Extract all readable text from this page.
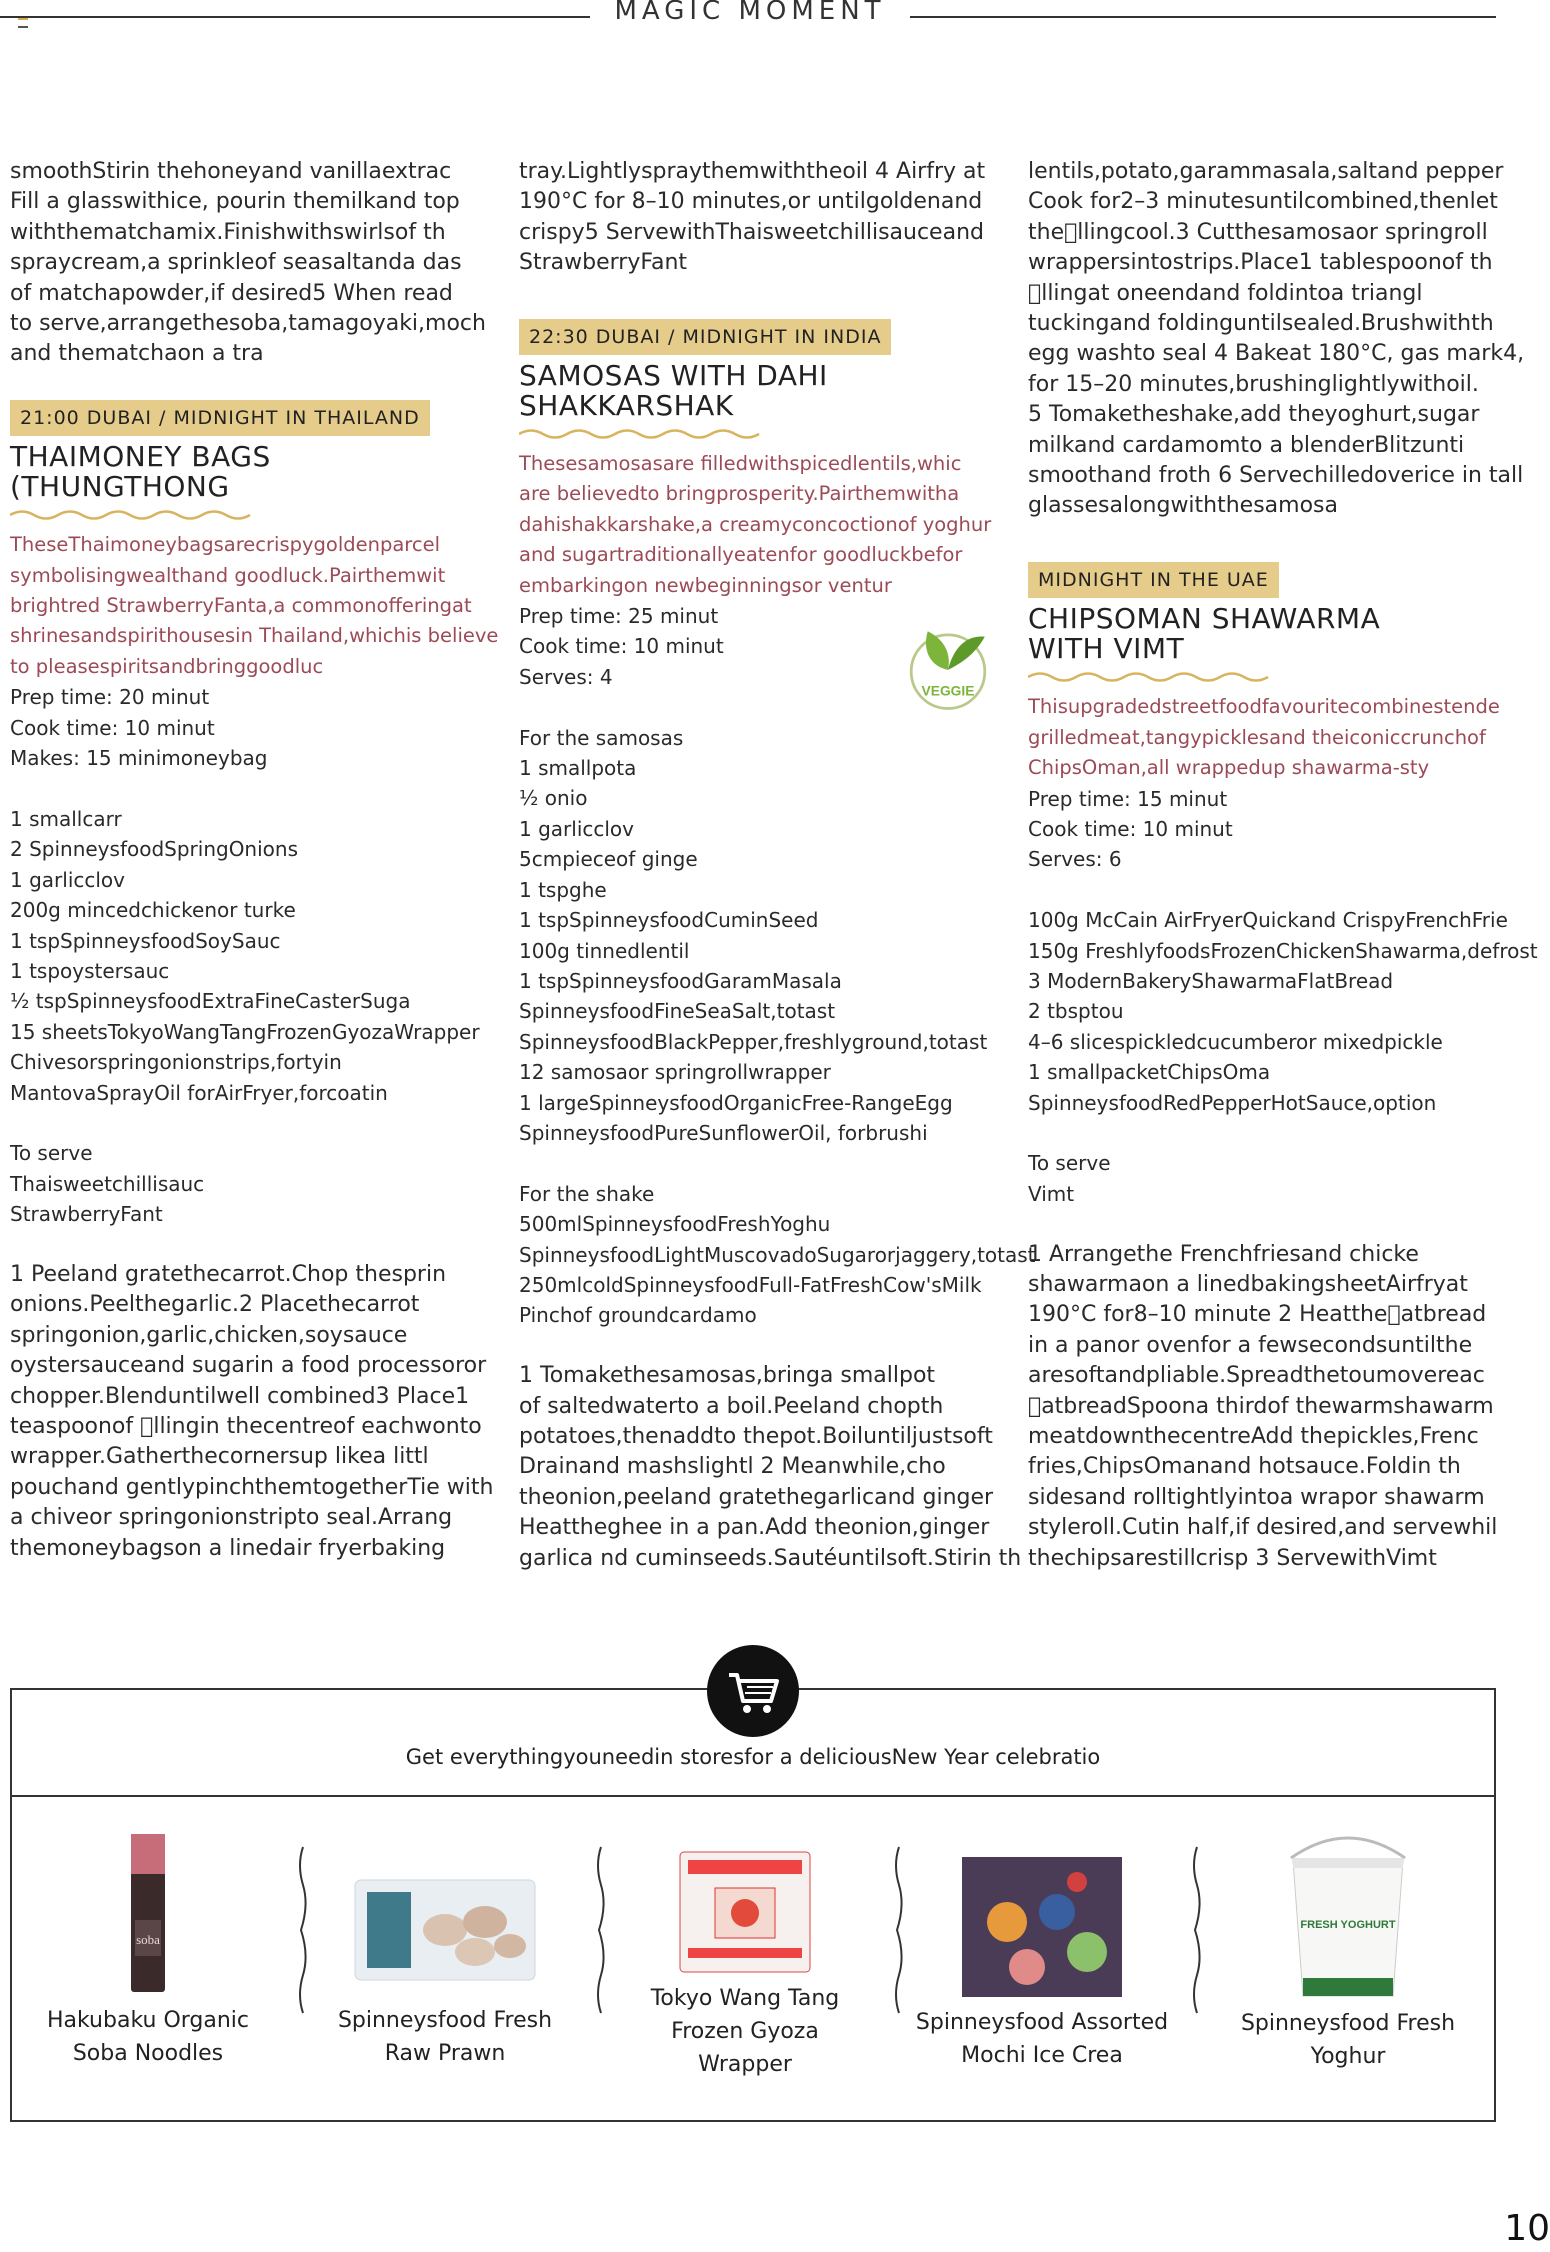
MAGIC MOMENT

smoothStirin thehoneyand vanillaextrac

Fill a glasswithice, pourin themilkand top

withthematchamix.Finishwithswirlsof th

spraycream,a sprinkleof seasaltanda das

of matchapowder,if desired5 When read

to serve,arrangethesoba,tamagoyaki,moch

and thematchaon a tra

21:00 DUBAI / MIDNIGHT IN THAILAND
THAIMONEY BAGS
(THUNGTHONG

TheseThaimoneybagsarecrispygoldenparcel

symbolisingwealthand goodluck.Pairthemwit

brightred StrawberryFanta,a commonofferingat

shrinesandspirithousesin Thailand,whichis believe

to pleasespiritsandbringgoodluc

Prep time: 20 minut

Cook time: 10 minut

Makes: 15 minimoneybag

1 smallcarr

2 SpinneysfoodSpringOnions

1 garlicclov

200g mincedchickenor turke

1 tspSpinneysfoodSoySauc

1 tspoystersauc

½ tspSpinneysfoodExtraFineCasterSuga

15 sheetsTokyoWangTangFrozenGyozaWrapper

Chivesorspringonionstrips,fortyin

MantovaSprayOil forAirFryer,forcoatin

To serve

Thaisweetchillisauc

StrawberryFant

1 Peeland gratethecarrot.Chop thesprin

onions.Peelthegarlic.2 Placethecarrot

springonion,garlic,chicken,soysauce

oystersauceand sugarin a food processoror

chopper.Blenduntilwell combined3 Place1

teaspoonof ￿llingin thecentreof eachwonto

wrapper.Gatherthecornersup likea littl

pouchand gentlypinchthemtogetherTie with

a chiveor springonionstripto seal.Arrang

themoneybagson a linedair fryerbaking

tray.Lightlyspraythemwiththeoil 4 Airfry at

190°C for 8–10 minutes,or untilgoldenand

crispy5 ServewithThaisweetchillisauceand

StrawberryFant

22:30 DUBAI / MIDNIGHT IN INDIA
SAMOSAS WITH DAHI
SHAKKARSHAK

Thesesamosasare filledwithspicedlentils,whic

are believedto bringprosperity.Pairthemwitha

dahishakkarshake,a creamyconcoctionof yoghur

and sugartraditionallyeatenfor goodluckbefor

embarkingon newbeginningsor ventur

Prep time: 25 minut

Cook time: 10 minut

Serves: 4

For the samosas

1 smallpota

½ onio

1 garlicclov

5cmpieceof ginge

1 tspghe

1 tspSpinneysfoodCuminSeed

100g tinnedlentil

1 tspSpinneysfoodGaramMasala

SpinneysfoodFineSeaSalt,totast

SpinneysfoodBlackPepper,freshlyground,totast

12 samosaor springrollwrapper

1 largeSpinneysfoodOrganicFree-RangeEgg

SpinneysfoodPureSunflowerOil, forbrushi

For the shake

500mlSpinneysfoodFreshYoghu

SpinneysfoodLightMuscovadoSugarorjaggery,totast

250mlcoldSpinneysfoodFull-FatFreshCow'sMilk

Pinchof groundcardamo

1 Tomakethesamosas,bringa smallpot

of saltedwaterto a boil.Peeland chopth

potatoes,thenaddto thepot.Boiluntiljustsoft

Drainand mashslightl 2 Meanwhile,cho

theonion,peeland gratethegarlicand ginger

Heattheghee in a pan.Add theonion,ginger

garlica nd cuminseeds.Sautéuntilsoft.Stirin th

VEGGIE

lentils,potato,garammasala,saltand pepper

Cook for2–3 minutesuntilcombined,thenlet

the￿llingcool.3 Cutthesamosaor springroll

wrappersintostrips.Place1 tablespoonof th

￿llingat oneendand foldintoa triangl

tuckingand foldinguntilsealed.Brushwithth

egg washto seal 4 Bakeat 180°C, gas mark4,

for 15–20 minutes,brushinglightlywithoil.

5 Tomaketheshake,add theyoghurt,sugar

milkand cardamomto a blenderBlitzunti

smoothand froth 6 Servechilledoverice in tall

glassesalongwiththesamosa

MIDNIGHT IN THE UAE
CHIPSOMAN SHAWARMA
WITH VIMT

Thisupgradedstreetfoodfavouritecombinestende

grilledmeat,tangypicklesand theiconiccrunchof

ChipsOman,all wrappedup shawarma-sty

Prep time: 15 minut

Cook time: 10 minut

Serves: 6

100g McCain AirFryerQuickand CrispyFrenchFrie

150g FreshlyfoodsFrozenChickenShawarma,defrost

3 ModernBakeryShawarmaFlatBread

2 tbsptou

4–6 slicespickledcucumberor mixedpickle

1 smallpacketChipsOma

SpinneysfoodRedPepperHotSauce,option

To serve

Vimt

1 Arrangethe Frenchfriesand chicke

shawarmaon a linedbakingsheetAirfryat

190°C for8–10 minute 2 Heatthe￿atbread

in a panor ovenfor a fewsecondsuntilthe

aresoftandpliable.Spreadthetoumovereac

￿atbreadSpoona thirdof thewarmshawarm

meatdownthecentreAdd thepickles,Frenc

fries,ChipsOmanand hotsauce.Foldin th

sidesand rolltightlyintoa wrapor shawarm

styleroll.Cutin half,if desired,and servewhil

thechipsarestillcrisp 3 ServewithVimt

Get everythingyouneedin storesfor a deliciousNew Year celebratio
soba
Hakubaku Organic
Soba Noodles
Spinneysfood Fresh
Raw Prawn
Tokyo Wang Tang
Frozen Gyoza
Wrapper
Spinneysfood Assorted
Mochi Ice Crea
FRESH YOGHURT
Spinneysfood Fresh
Yoghur
10
